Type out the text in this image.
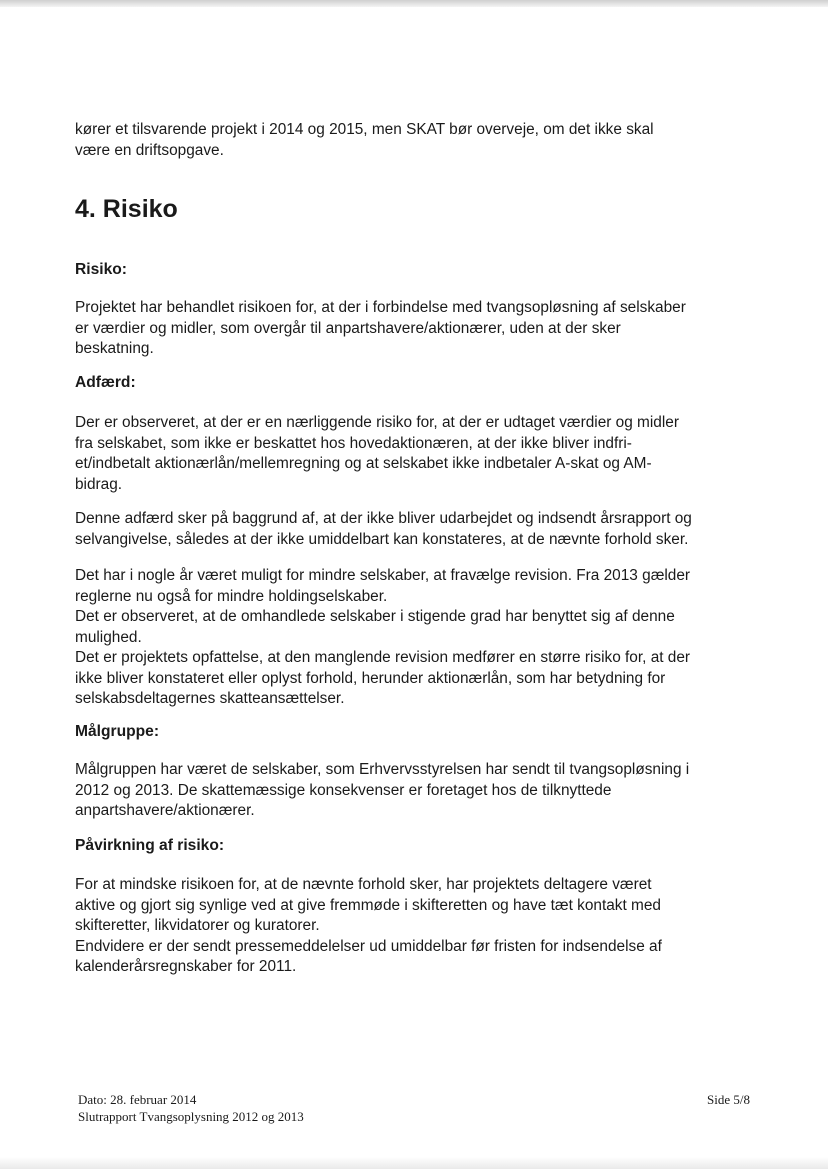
kører et tilsvarende projekt i 2014 og 2015, men SKAT bør overveje, om det ikke skal
være en driftsopgave.

4. Risiko
Risiko:

Projektet har behandlet risikoen for, at der i forbindelse med tvangsopløsning af selskaber
er værdier og midler, som overgår til anpartshavere/aktionærer, uden at der sker
beskatning.

Adfærd:

Der er observeret, at der er en nærliggende risiko for, at der er udtaget værdier og midler
fra selskabet, som ikke er beskattet hos hovedaktionæren, at der ikke bliver indfri-
et/indbetalt aktionærlån/mellemregning og at selskabet ikke indbetaler A-skat og AM-
bidrag.

Denne adfærd sker på baggrund af, at der ikke bliver udarbejdet og indsendt årsrapport og
selvangivelse, således at der ikke umiddelbart kan konstateres, at de nævnte forhold sker.

Det har i nogle år været muligt for mindre selskaber, at fravælge revision. Fra 2013 gælder
reglerne nu også for mindre holdingselskaber.
Det er observeret, at de omhandlede selskaber i stigende grad har benyttet sig af denne
mulighed.
Det er projektets opfattelse, at den manglende revision medfører en større risiko for, at der
ikke bliver konstateret eller oplyst forhold, herunder aktionærlån, som har betydning for
selskabsdeltagernes skatteansættelser.

Målgruppe:

Målgruppen har været de selskaber, som Erhvervsstyrelsen har sendt til tvangsopløsning i
2012 og 2013. De skattemæssige konsekvenser er foretaget hos de tilknyttede
anpartshavere/aktionærer.

Påvirkning af risiko:

For at mindske risikoen for, at de nævnte forhold sker, har projektets deltagere været
aktive og gjort sig synlige ved at give fremmøde i skifteretten og have tæt kontakt med
skifteretter, likvidatorer og kuratorer.
Endvidere er der sendt pressemeddelelser ud umiddelbar før fristen for indsendelse af
kalenderårsregnskaber for 2011.

Dato: 28. februar 2014
Slutrapport Tvangsoplysning 2012 og 2013
Side 5/8
